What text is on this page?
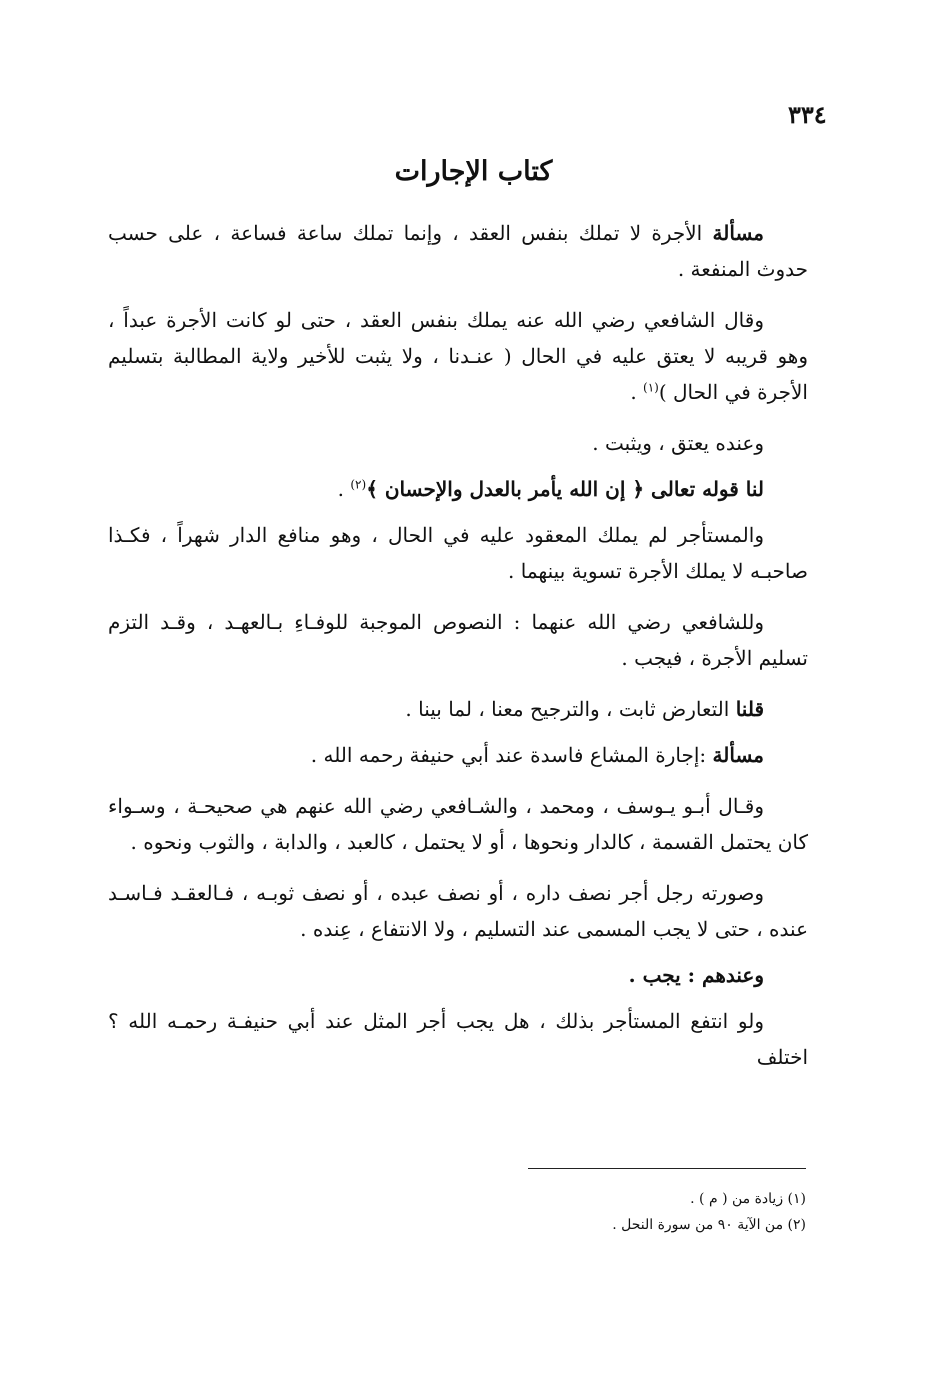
٣٣٤
كتاب الإجارات

مسألة الأجرة لا تملك بنفس العقد ، وإنما تملك ساعة فساعة ، على حسب حدوث المنفعة .

وقال الشافعي رضي الله عنه يملك بنفس العقد ، حتى لو كانت الأجرة عبداً ، وهو قريبه لا يعتق عليه في الحال ( عنـدنا ، ولا يثبت للأخير ولاية المطالبة بتسليم الأجرة في الحال )$^{(١)}$ .

وعنده يعتق ، ويثبت .

لنا قوله تعالى ﴿ إن الله يأمر بالعدل والإحسان ﴾$^{(٢)}$ .

والمستأجر لم يملك المعقود عليه في الحال ، وهو منافع الدار شهراً ، فكـذا صاحبـه لا يملك الأجرة تسوية بينهما .

وللشافعي رضي الله عنهما : النصوص الموجبة للوفـاءِ بـالعهـد ، وقـد التزم تسليم الأجرة ، فيجب .

قلنا التعارض ثابت ، والترجيح معنا ، لما بينا .

مسألة :إجارة المشاع فاسدة عند أبي حنيفة رحمه الله .

وقـال أبـو يـوسف ، ومحمد ، والشـافعي رضي الله عنهم هي صحيحـة ، وسـواء كان يحتمل القسمة ، كالدار ونحوها ، أو لا يحتمل ، كالعبد ، والدابة ، والثوب ونحوه .

وصورته رجل أجر نصف داره ، أو نصف عبده ، أو نصف ثوبـه ، فـالعقـد فـاسـد عنده ، حتى لا يجب المسمى عند التسليم ، ولا الانتفاع ، عِنده .

وعندهم : يجب .

ولو انتفع المستأجر بذلك ، هل يجب أجر المثل عند أبي حنيفـة رحمـه الله ؟ اختلف

(١) زيادة من ( م ) .

(٢) من الآية ٩٠ من سورة النحل .
